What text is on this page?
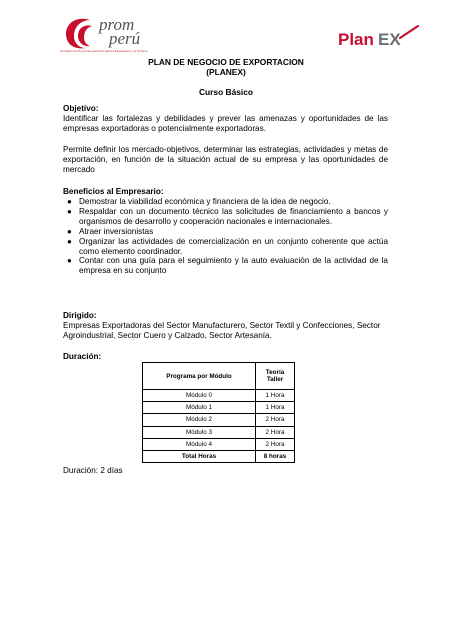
prom
perú
Comisión de Promoción del Perú para la Exportación y el Turismo
Plan EX
PLAN DE NEGOCIO DE EXPORTACION
(PLANEX)
Curso Básico
Objetivo:
Identificar las fortalezas y debilidades y prever las amenazas y oportunidades de las empresas exportadoras o potencialmente exportadoras.
Permite definir los mercado-objetivos, determinar las estrategias, actividades y metas de exportación, en función de la situación actual de su empresa y las oportunidades de mercado
Beneficios al Empresario:
● Demostrar la viabilidad económica y financiera de la idea de negocio.
● Respaldar con un documento técnico las solicitudes de financiamiento a bancos y organismos de desarrollo y cooperación nacionales e internacionales.
● Atraer inversionistas
● Organizar las actividades de comercialización en un conjunto coherente que actúa como elemento coordinador.
● Contar con una guía para el seguimiento y la auto evaluación de la actividad de la empresa en su conjunto
Dirigido:
Empresas Exportadoras del Sector Manufacturero, Sector Textil y Confecciones, Sector Agroindustrial, Sector Cuero y Calzado, Sector Artesanía.
Duración:
Programa por Módulo	Teoría Taller
Módulo 0	1 Hora
Módulo 1	1 Hora
Módulo 2	2 Hora
Módulo 3	2 Hora
Módulo 4	2 Hora
Total Horas	8 horas
Duración: 2 días
